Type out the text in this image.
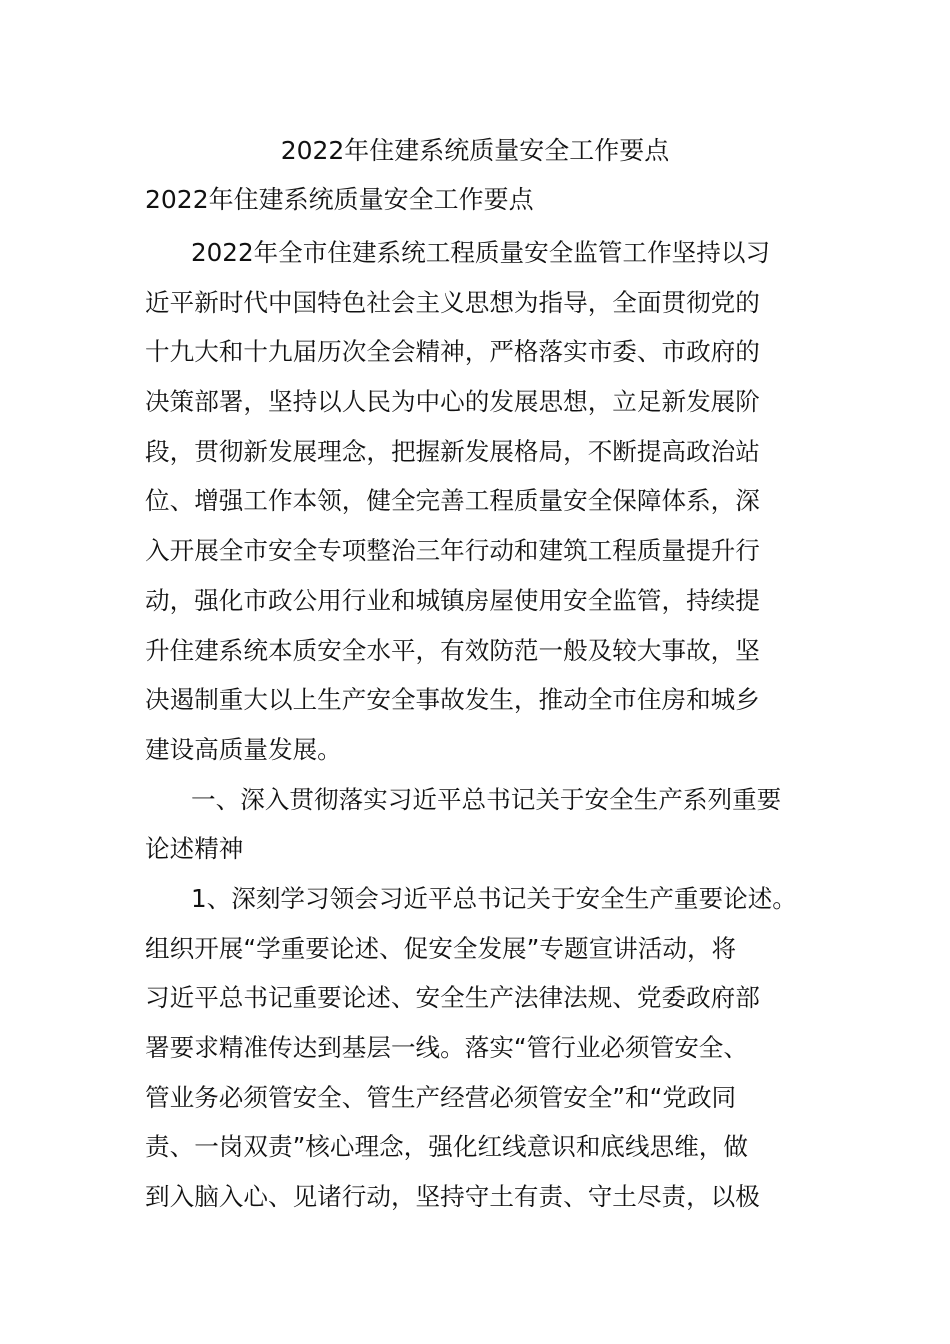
2022年住建系统质量安全工作要点
2022年住建系统质量安全工作要点
2022年全市住建系统工程质量安全监管工作坚持以习
近平新时代中国特色社会主义思想为指导，全面贯彻党的
十九大和十九届历次全会精神，严格落实市委、市政府的
决策部署，坚持以人民为中心的发展思想，立足新发展阶
段，贯彻新发展理念，把握新发展格局，不断提高政治站
位、增强工作本领，健全完善工程质量安全保障体系，深
入开展全市安全专项整治三年行动和建筑工程质量提升行
动，强化市政公用行业和城镇房屋使用安全监管，持续提
升住建系统本质安全水平，有效防范一般及较大事故，坚
决遏制重大以上生产安全事故发生，推动全市住房和城乡
建设高质量发展。
一、深入贯彻落实习近平总书记关于安全生产系列重要
论述精神
1、深刻学习领会习近平总书记关于安全生产重要论述。
组织开展“学重要论述、促安全发展”专题宣讲活动，将
习近平总书记重要论述、安全生产法律法规、党委政府部
署要求精准传达到基层一线。落实“管行业必须管安全、
管业务必须管安全、管生产经营必须管安全”和“党政同
责、一岗双责”核心理念，强化红线意识和底线思维，做
到入脑入心、见诸行动，坚持守土有责、守土尽责，以极
